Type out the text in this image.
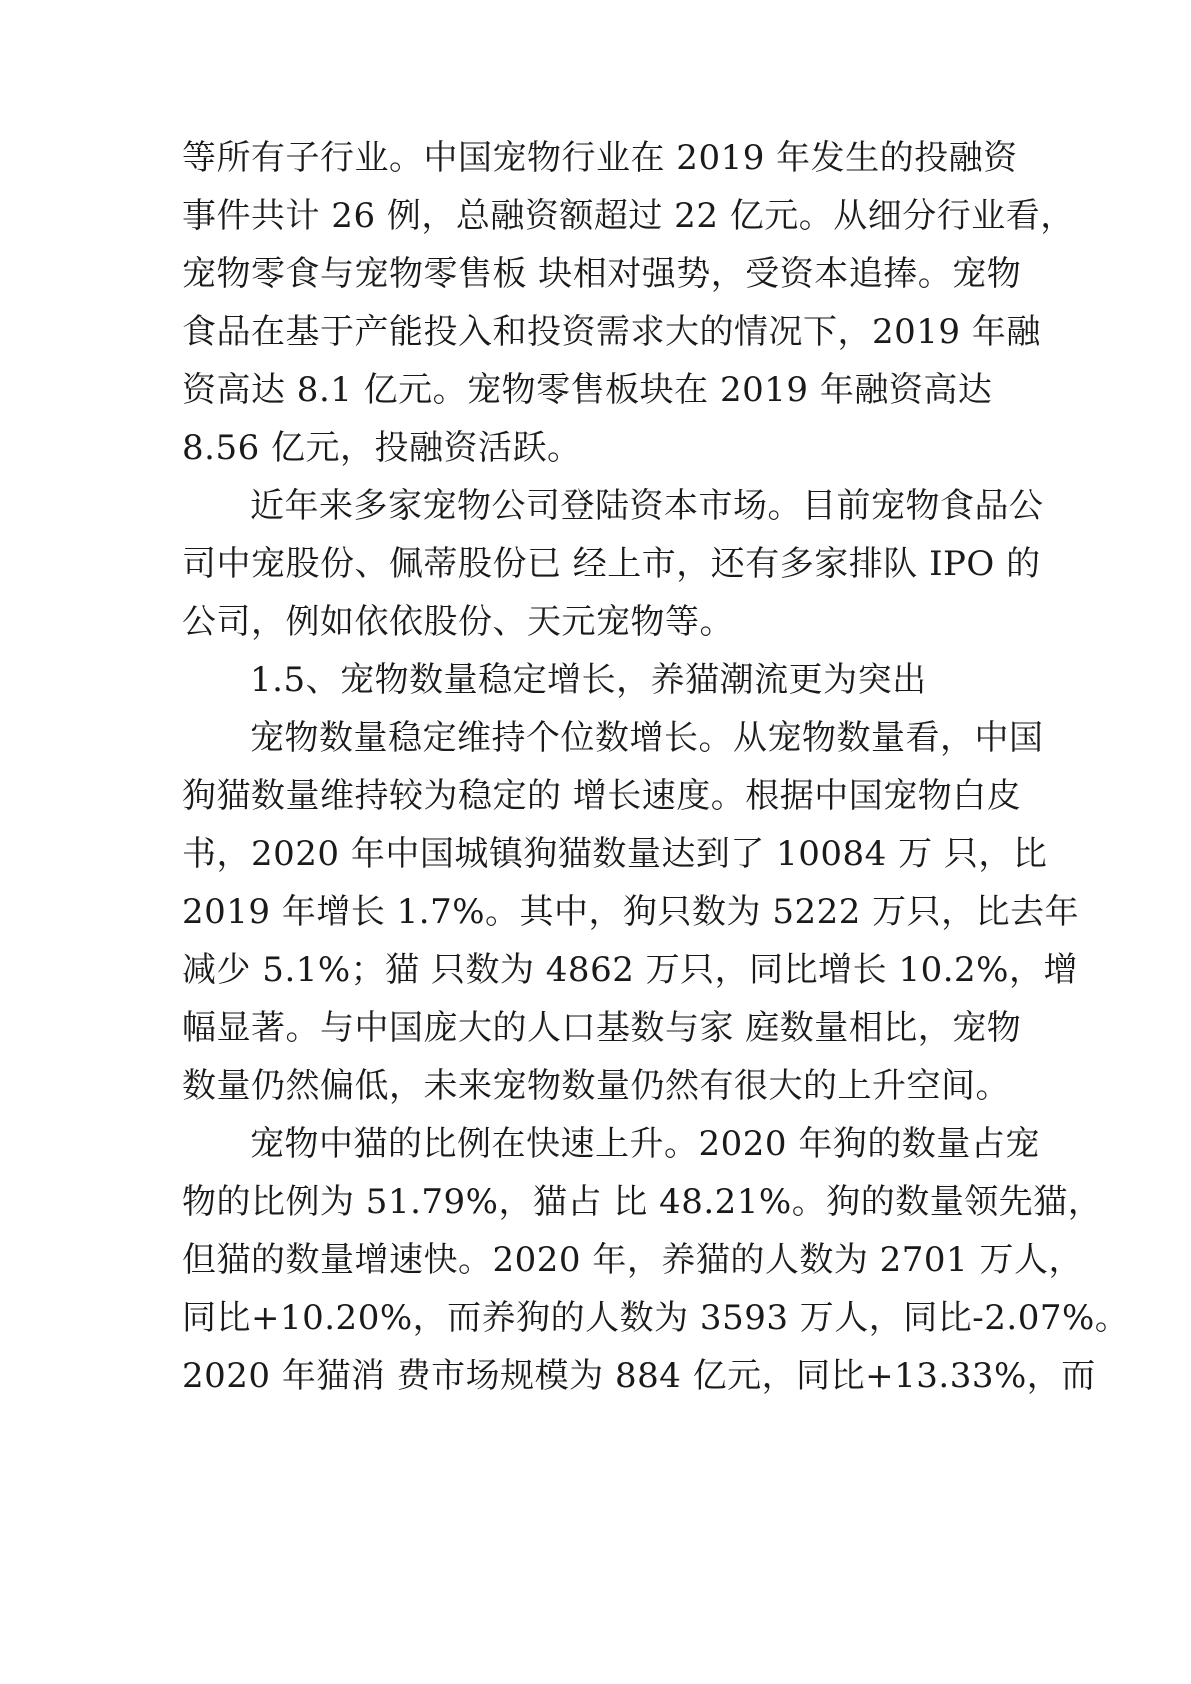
等所有子行业。中国宠物行业在 2019 年发生的投融资
事件共计 26 例，总融资额超过 22 亿元。从细分行业看，
宠物零食与宠物零售板 块相对强势，受资本追捧。宠物
食品在基于产能投入和投资需求大的情况下，2019 年融
资高达 8.1 亿元。宠物零售板块在 2019 年融资高达
8.56 亿元，投融资活跃。
近年来多家宠物公司登陆资本市场。目前宠物食品公
司中宠股份、佩蒂股份已 经上市，还有多家排队 IPO 的
公司，例如依依股份、天元宠物等。
1.5、宠物数量稳定增长，养猫潮流更为突出
宠物数量稳定维持个位数增长。从宠物数量看，中国
狗猫数量维持较为稳定的 增长速度。根据中国宠物白皮
书，2020 年中国城镇狗猫数量达到了 10084 万 只，比
2019 年增长 1.7%。其中，狗只数为 5222 万只，比去年
减少 5.1%；猫 只数为 4862 万只，同比增长 10.2%，增
幅显著。与中国庞大的人口基数与家 庭数量相比，宠物
数量仍然偏低，未来宠物数量仍然有很大的上升空间。
宠物中猫的比例在快速上升。2020 年狗的数量占宠
物的比例为 51.79%，猫占 比 48.21%。狗的数量领先猫，
但猫的数量增速快。2020 年，养猫的人数为 2701 万人，
同比+10.20%，而养狗的人数为 3593 万人，同比-2.07%。
2020 年猫消 费市场规模为 884 亿元，同比+13.33%，而
